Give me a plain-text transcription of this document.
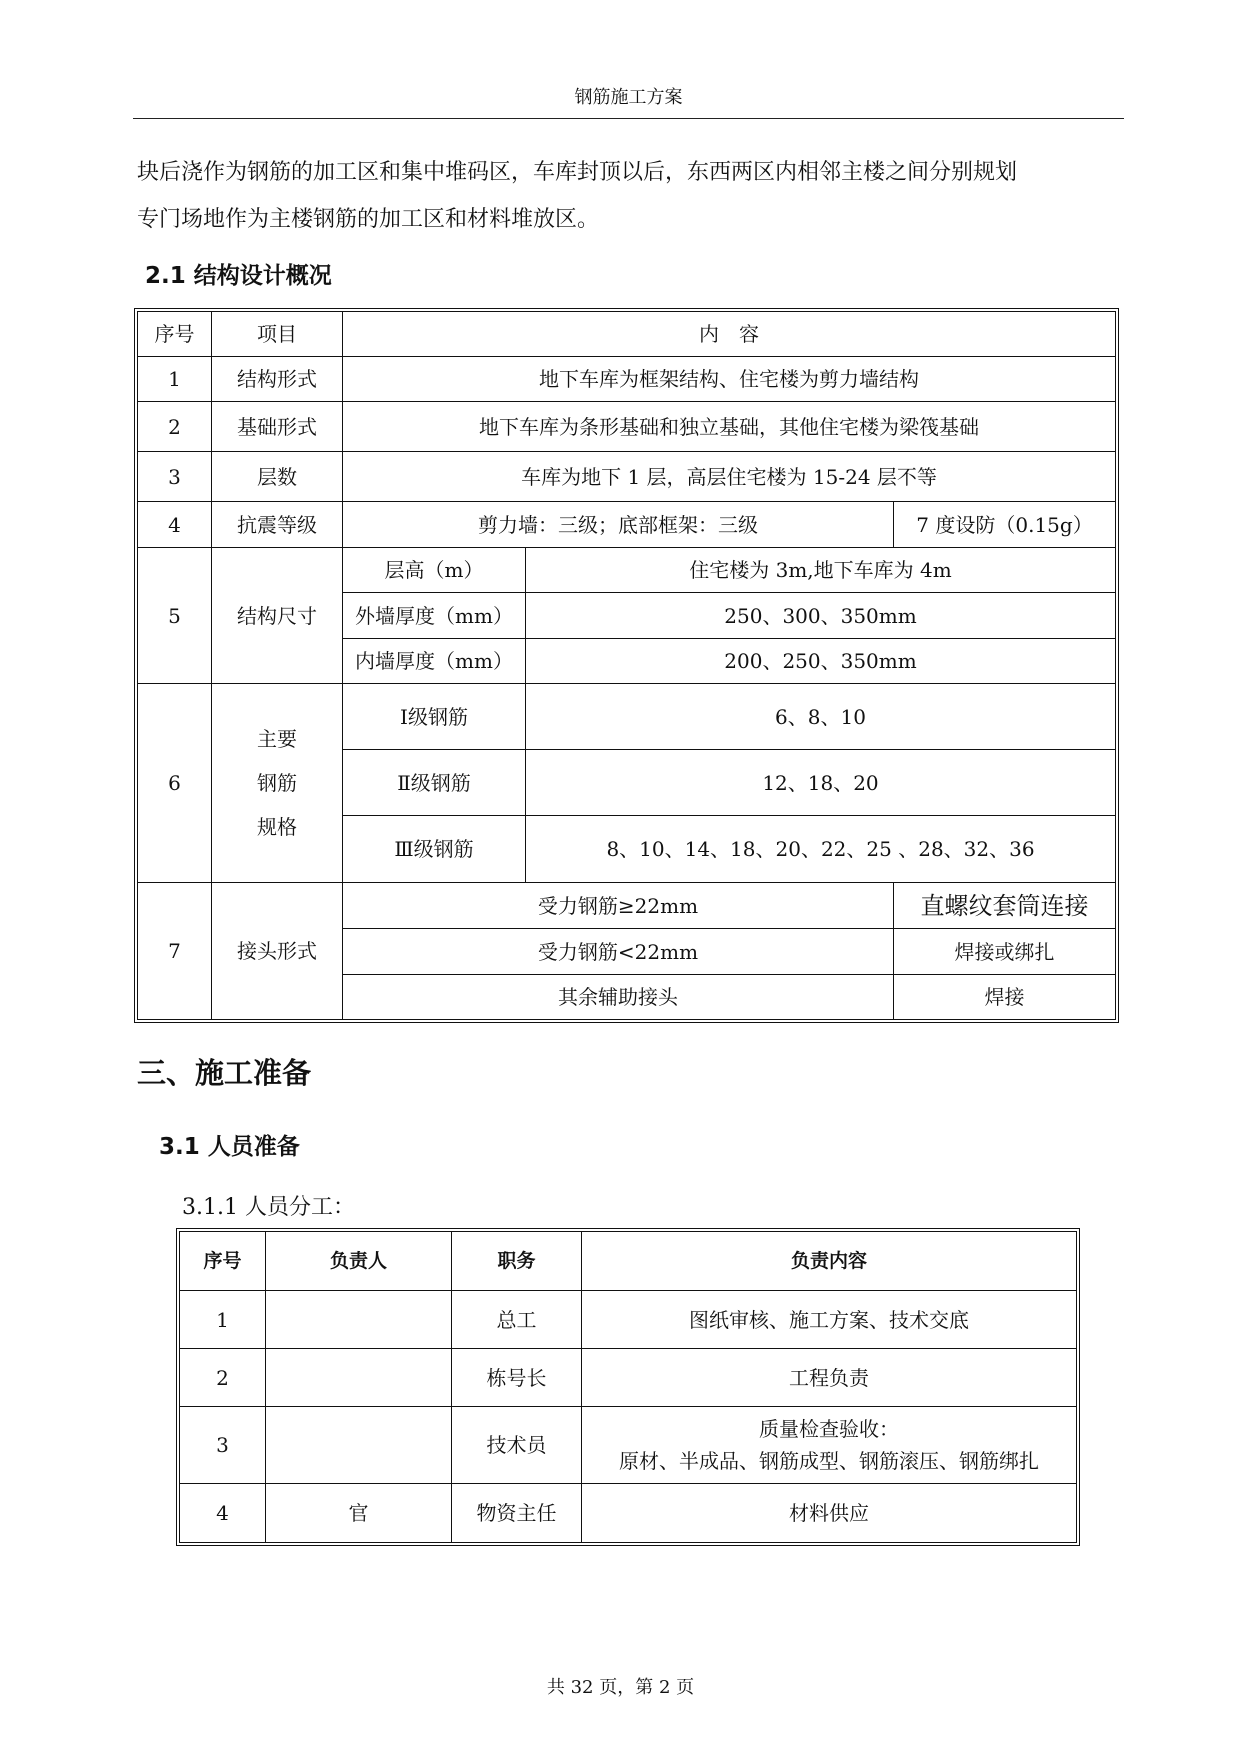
钢筋施工方案
块后浇作为钢筋的加工区和集中堆码区，车库封顶以后，东西两区内相邻主楼之间分别规划
专门场地作为主楼钢筋的加工区和材料堆放区。
2.1 结构设计概况
序号	项目	内　容		
1	结构形式	地下车库为框架结构、住宅楼为剪力墙结构		
2	基础形式	地下车库为条形基础和独立基础，其他住宅楼为梁筏基础		
3	层数	车库为地下 1 层，高层住宅楼为 15-24 层不等		
4	抗震等级	剪力墙：三级；底部框架：三级		7 度设防（0.15g）
5	结构尺寸	层高（m）	住宅楼为 3m,地下车库为 4m	
		外墙厚度（mm）	250、300、350mm	
		内墙厚度（mm）	200、250、350mm	
6	主要
钢筋
规格	Ⅰ级钢筋	6、8、10	
		Ⅱ级钢筋	12、18、20	
		Ⅲ级钢筋	8、10、14、18、20、22、25 、28、32、36	
7	接头形式	受力钢筋≥22mm		直螺纹套筒连接
		受力钢筋<22mm		焊接或绑扎
		其余辅助接头		焊接
三、施工准备
3.1 人员准备
3.1.1 人员分工：
序号	负责人	职务	负责内容
1		总工	图纸审核、施工方案、技术交底
2		栋号长	工程负责
3		技术员	质量检查验收：
原材、半成品、钢筋成型、钢筋滚压、钢筋绑扎

4	官	物资主任	材料供应
共 32 页，第 2 页
